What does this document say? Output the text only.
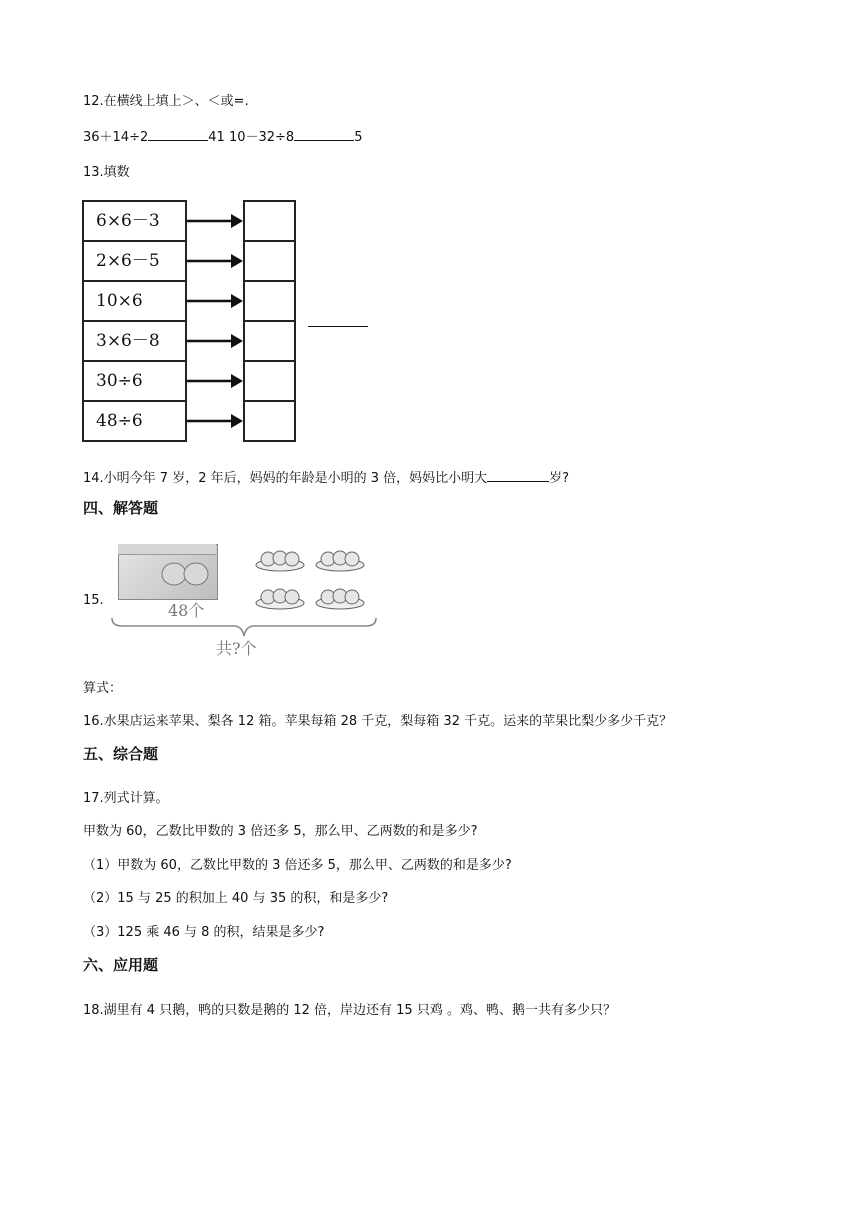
12.在横线上填上＞、＜或=.
36＋14÷2	41 10－32÷8	5
13.填数
6×6－3
2×6－5
10×6
3×6－8
30÷6
48÷6
14.小明今年 7 岁，2 年后，妈妈的年龄是小明的 3 倍，妈妈比小明大	岁?
四、解答题
15.
48个
共?个
算式：
16.水果店运来苹果、梨各 12 箱。苹果每箱 28 千克，梨每箱 32 千克。运来的苹果比梨少多少千克？
五、综合题
17.列式计算。
甲数为 60，乙数比甲数的 3 倍还多 5，那么甲、乙两数的和是多少?
（1）甲数为 60，乙数比甲数的 3 倍还多 5，那么甲、乙两数的和是多少?
（2）15 与 25 的积加上 40 与 35 的积，和是多少?
（3）125 乘 46 与 8 的积，结果是多少?
六、应用题
18.湖里有 4 只鹅，鸭的只数是鹅的 12 倍，岸边还有 15 只鸡 。鸡、鸭、鹅一共有多少只？
